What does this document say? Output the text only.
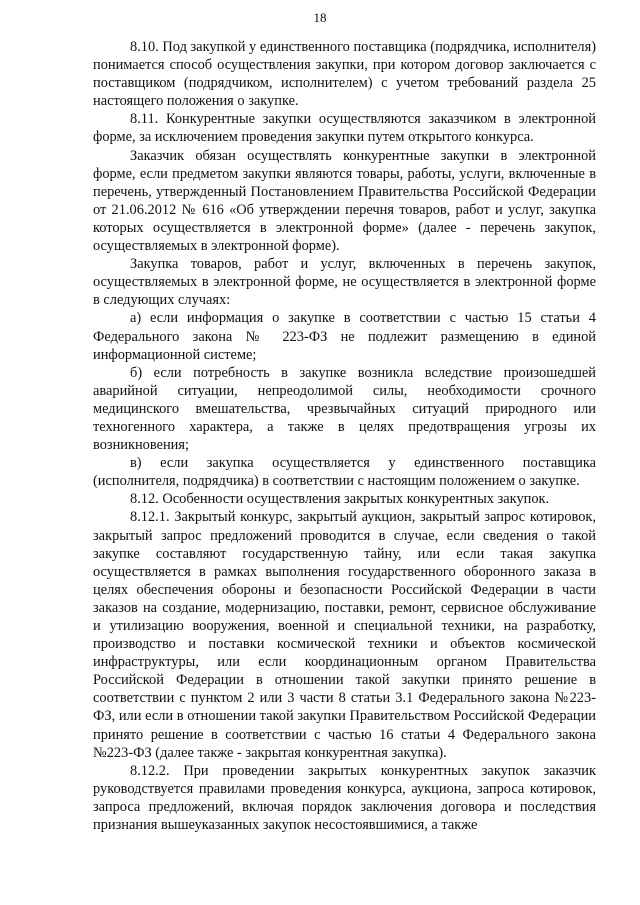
18

8.10. Под закупкой у единственного поставщика (подрядчика, исполнителя) понимается способ осуществления закупки, при котором договор заключается с поставщиком (подрядчиком, исполнителем) с учетом требований раздела 25 настоящего положения о закупке.

8.11. Конкурентные закупки осуществляются заказчиком в электронной форме, за исключением проведения закупки путем открытого конкурса.

Заказчик обязан осуществлять конкурентные закупки в электронной форме, если предметом закупки являются товары, работы, услуги, включенные в перечень, утвержденный Постановлением Правительства Российской Федерации от 21.06.2012 № 616 «Об утверждении перечня товаров, работ и услуг, закупка которых осуществляется в электронной форме» (далее - перечень закупок, осуществляемых в электронной форме).

Закупка товаров, работ и услуг, включенных в перечень закупок, осуществляемых в электронной форме, не осуществляется в электронной форме в следующих случаях:

а) если информация о закупке в соответствии с частью 15 статьи 4 Федерального закона № 223-ФЗ не подлежит размещению в единой информационной системе;

б) если потребность в закупке возникла вследствие произошедшей аварийной ситуации, непреодолимой силы, необходимости срочного медицинского вмешательства, чрезвычайных ситуаций природного или техногенного характера, а также в целях предотвращения угрозы их возникновения;

в) если закупка осуществляется у единственного поставщика (исполнителя, подрядчика) в соответствии с настоящим положением о закупке.

8.12. Особенности осуществления закрытых конкурентных закупок.

8.12.1. Закрытый конкурс, закрытый аукцион, закрытый запрос котировок, закрытый запрос предложений проводится в случае, если сведения о такой закупке составляют государственную тайну, или если такая закупка осуществляется в рамках выполнения государственного оборонного заказа в целях обеспечения обороны и безопасности Российской Федерации в части заказов на создание, модернизацию, поставки, ремонт, сервисное обслуживание и утилизацию вооружения, военной и специальной техники, на разработку, производство и поставки космической техники и объектов космической инфраструктуры, или если координационным органом Правительства Российской Федерации в отношении такой закупки принято решение в соответствии с пунктом 2 или 3 части 8 статьи 3.1 Федерального закона №223-ФЗ, или если в отношении такой закупки Правительством Российской Федерации принято решение в соответствии с частью 16 статьи 4 Федерального закона №223-ФЗ (далее также - закрытая конкурентная закупка).

8.12.2. При проведении закрытых конкурентных закупок заказчик руководствуется правилами проведения конкурса, аукциона, запроса котировок, запроса предложений, включая порядок заключения договора и последствия признания вышеуказанных закупок несостоявшимися, а также
